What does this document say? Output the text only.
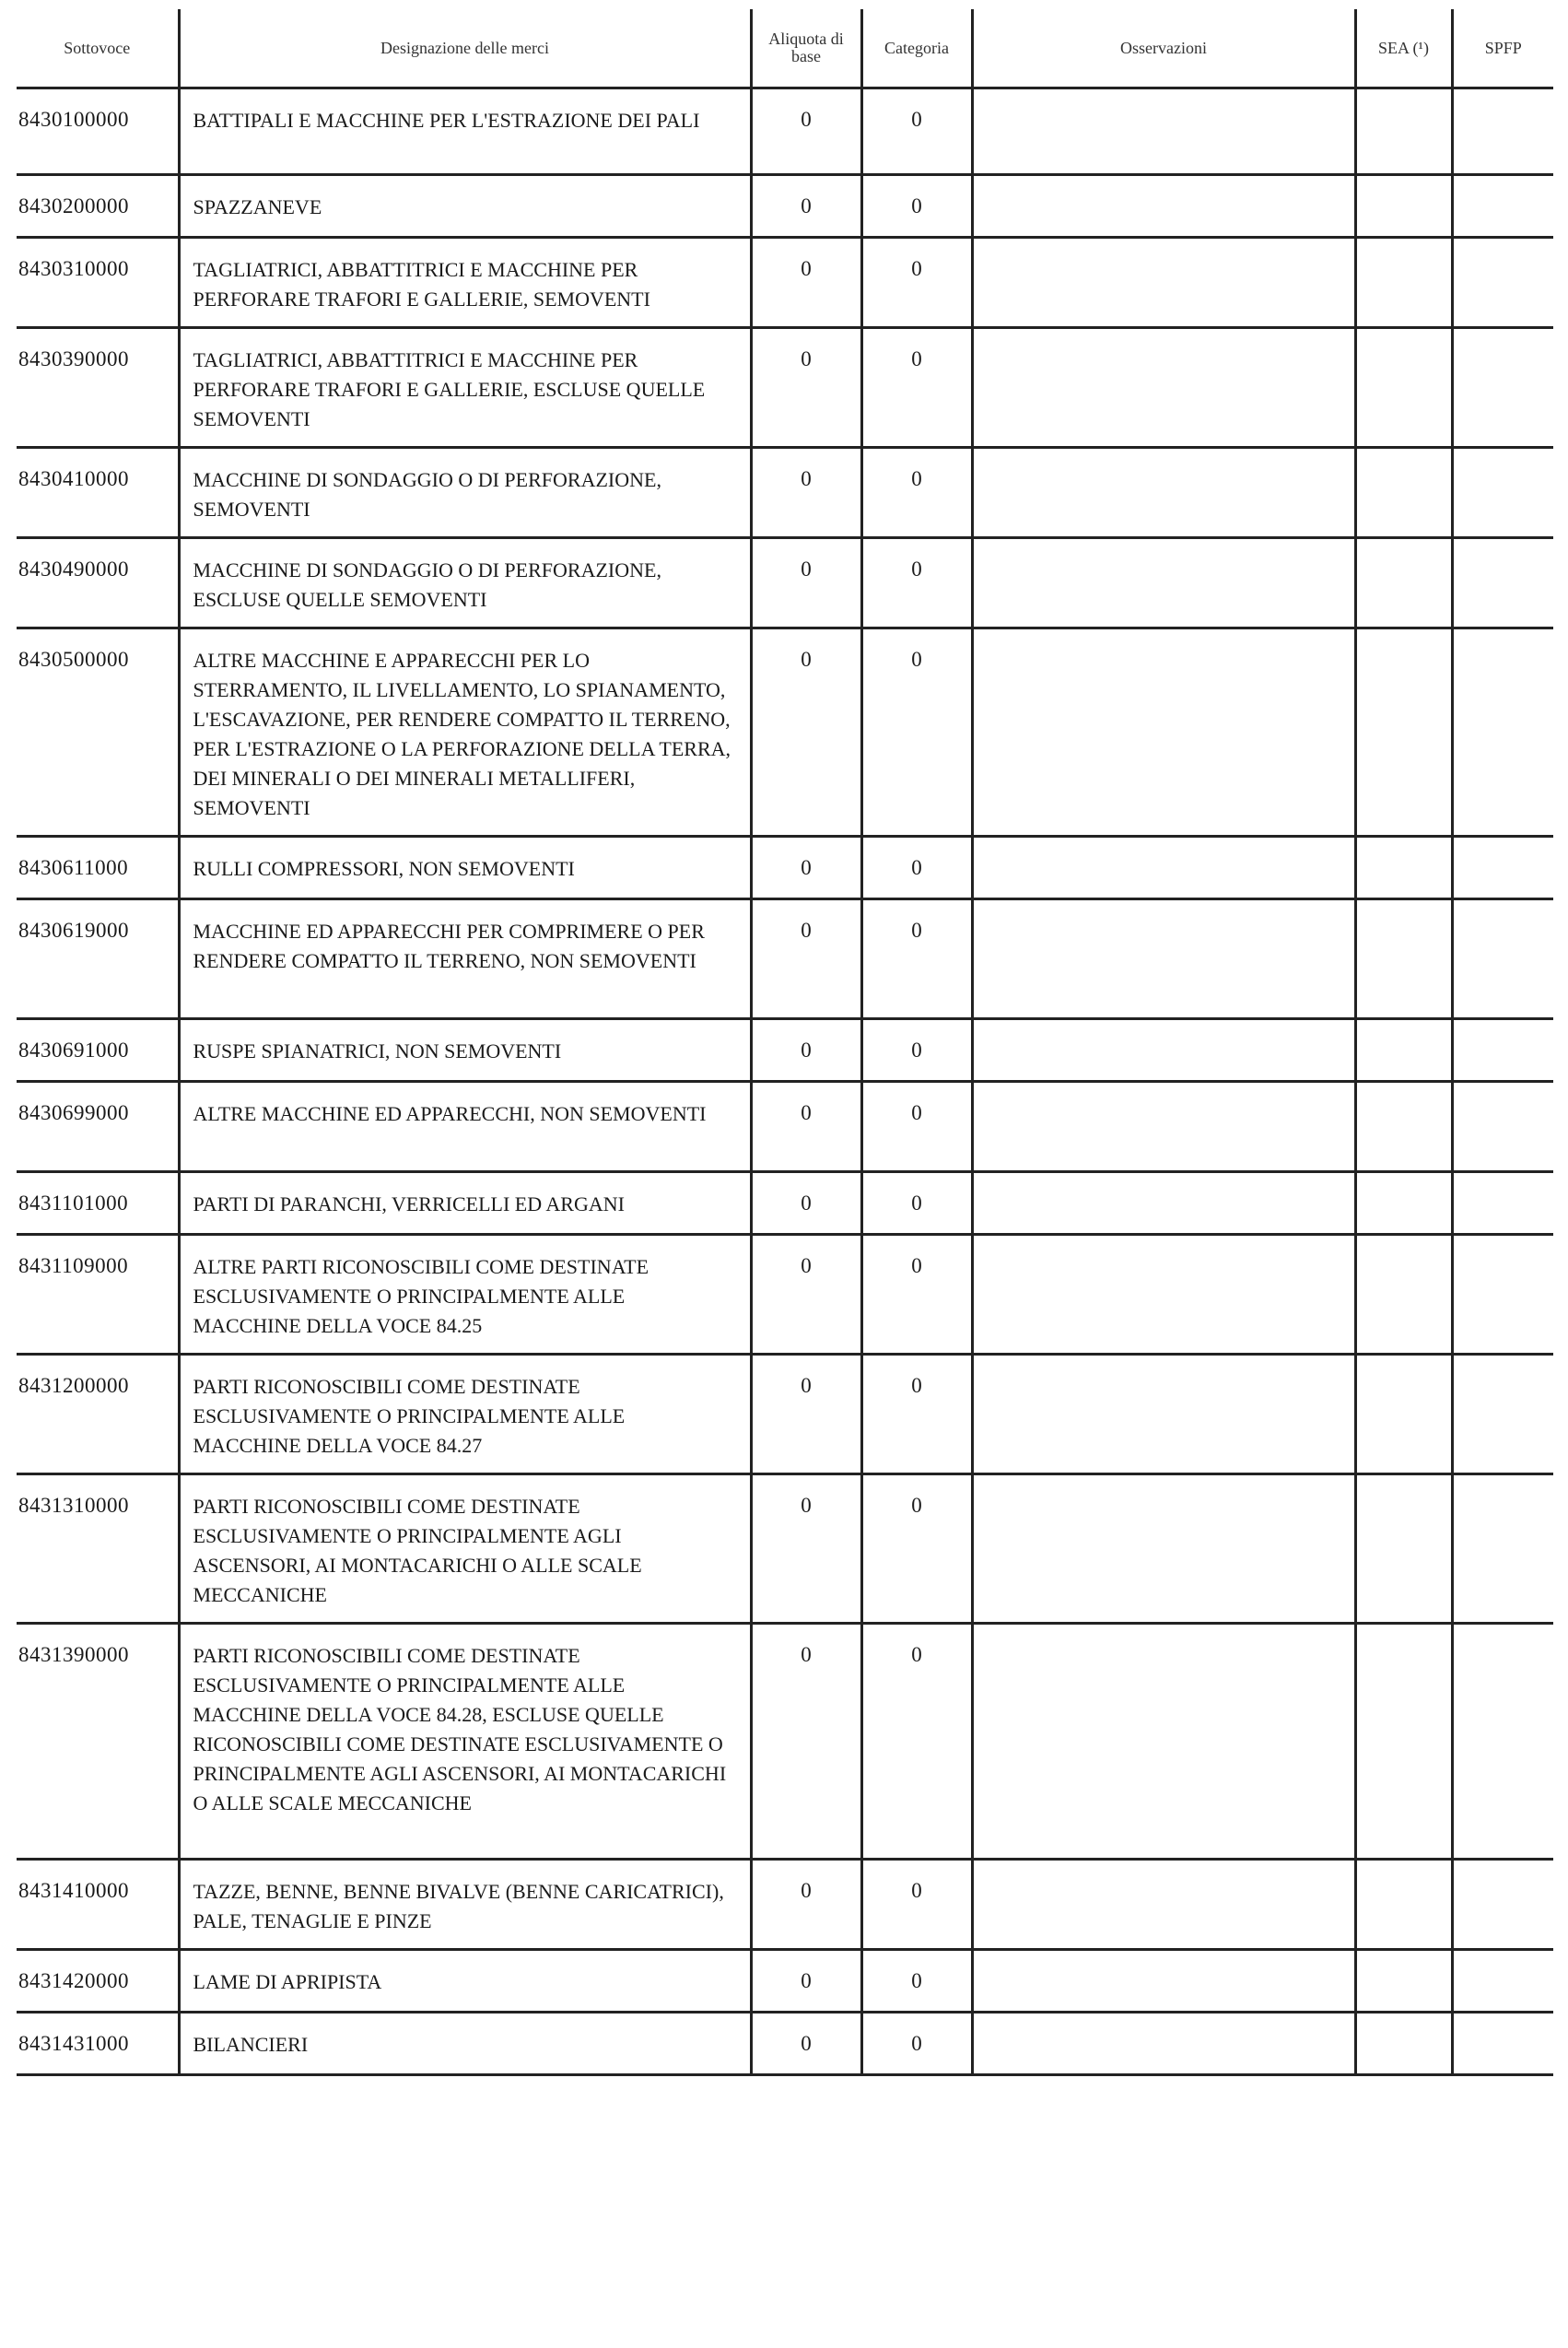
Sottovoce	Designazione delle merci	Aliquota di base	Categoria	Osservazioni	SEA (¹)	SPFP
8430100000	BATTIPALI E MACCHINE PER L'ESTRAZIONE DEI PALI	0	0			
8430200000	SPAZZANEVE	0	0			
8430310000	TAGLIATRICI, ABBATTITRICI E MACCHINE PER PERFORARE TRAFORI E GALLERIE, SEMOVENTI	0	0			
8430390000	TAGLIATRICI, ABBATTITRICI E MACCHINE PER PERFORARE TRAFORI E GALLERIE, ESCLUSE QUELLE SEMOVENTI	0	0			
8430410000	MACCHINE DI SONDAGGIO O DI PERFORAZIONE, SEMOVENTI	0	0			
8430490000	MACCHINE DI SONDAGGIO O DI PERFORAZIONE, ESCLUSE QUELLE SEMOVENTI	0	0			
8430500000	ALTRE MACCHINE E APPARECCHI PER LO STERRAMENTO, IL LIVELLAMENTO, LO SPIANAMENTO, L'ESCAVAZIONE, PER RENDERE COMPATTO IL TERRENO, PER L'ESTRAZIONE O LA PERFORAZIONE DELLA TERRA, DEI MINERALI O DEI MINERALI METALLIFERI, SEMOVENTI	0	0			
8430611000	RULLI COMPRESSORI, NON SEMOVENTI	0	0			
8430619000	MACCHINE ED APPARECCHI PER COMPRIMERE O PER RENDERE COMPATTO IL TERRENO, NON SEMOVENTI	0	0			
8430691000	RUSPE SPIANATRICI, NON SEMOVENTI	0	0			
8430699000	ALTRE MACCHINE ED APPARECCHI, NON SEMOVENTI	0	0			
8431101000	PARTI DI PARANCHI, VERRICELLI ED ARGANI	0	0			
8431109000	ALTRE PARTI RICONOSCIBILI COME DESTINATE ESCLUSIVAMENTE O PRINCIPALMENTE ALLE MACCHINE DELLA VOCE 84.25	0	0			
8431200000	PARTI RICONOSCIBILI COME DESTINATE ESCLUSIVAMENTE O PRINCIPALMENTE ALLE MACCHINE DELLA VOCE 84.27	0	0			
8431310000	PARTI RICONOSCIBILI COME DESTINATE ESCLUSIVAMENTE O PRINCIPALMENTE AGLI ASCENSORI, AI MONTACARICHI O ALLE SCALE MECCANICHE	0	0			
8431390000	PARTI RICONOSCIBILI COME DESTINATE ESCLUSIVAMENTE O PRINCIPALMENTE ALLE MACCHINE DELLA VOCE 84.28, ESCLUSE QUELLE RICONOSCIBILI COME DESTINATE ESCLUSIVAMENTE O PRINCIPALMENTE AGLI ASCENSORI, AI MONTACARICHI O ALLE SCALE MECCANICHE	0	0			
8431410000	TAZZE, BENNE, BENNE BIVALVE (BENNE CARICATRICI), PALE, TENAGLIE E PINZE	0	0			
8431420000	LAME DI APRIPISTA	0	0			
8431431000	BILANCIERI	0	0			
